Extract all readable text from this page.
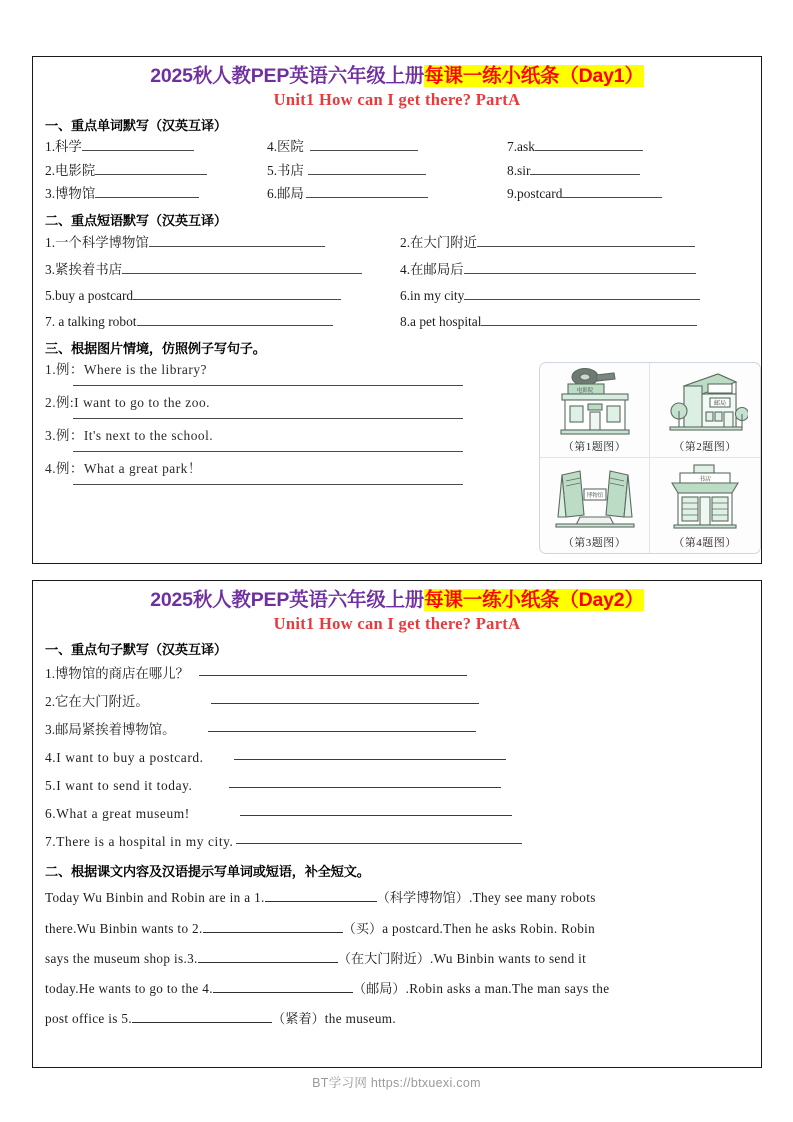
2025秋人教PEP英语六年级上册每课一练小纸条（Day1）
Unit1 How can I get there? PartA
一、重点单词默写（汉英互译）
1.科学	4.医院	7.ask
2.电影院	5.书店	8.sir
3.博物馆	6.邮局	9.postcard
二、重点短语默写（汉英互译）
1.一个科学博物馆	2.在大门附近
3.紧挨着书店	4.在邮局后
5.buy a postcard	6.in my city
7. a talking robot	8.a pet hospital
三、根据图片情境，仿照例子写句子。
1.例：Where is the library?
2.例:I want to go to the zoo.
3.例：It's next to the school.
4.例：What a great park！
电影院
（第1题图）
邮局
（第2题图）
博物馆
（第3题图）
书店
（第4题图）
2025秋人教PEP英语六年级上册每课一练小纸条（Day2）
Unit1 How can I get there? PartA
一、重点句子默写（汉英互译）
1.博物馆的商店在哪儿？
2.它在大门附近。
3.邮局紧挨着博物馆。
4.I want to buy a postcard.
5.I want to send it today.
6.What a great museum!
7.There is a hospital in my city.
二、根据课文内容及汉语提示写单词或短语，补全短文。
Today Wu Binbin and Robin are in a 1.	（科学博物馆）.They see many robots
there.Wu Binbin wants to 2.	（买）a postcard.Then he asks Robin. Robin
says the museum shop is.3.	（在大门附近）.Wu Binbin wants to send it
today.He wants to go to the 4.	（邮局）.Robin asks a man.The man says the
post office is 5.	（紧着）the museum.
BT学习网 https://btxuexi.com
